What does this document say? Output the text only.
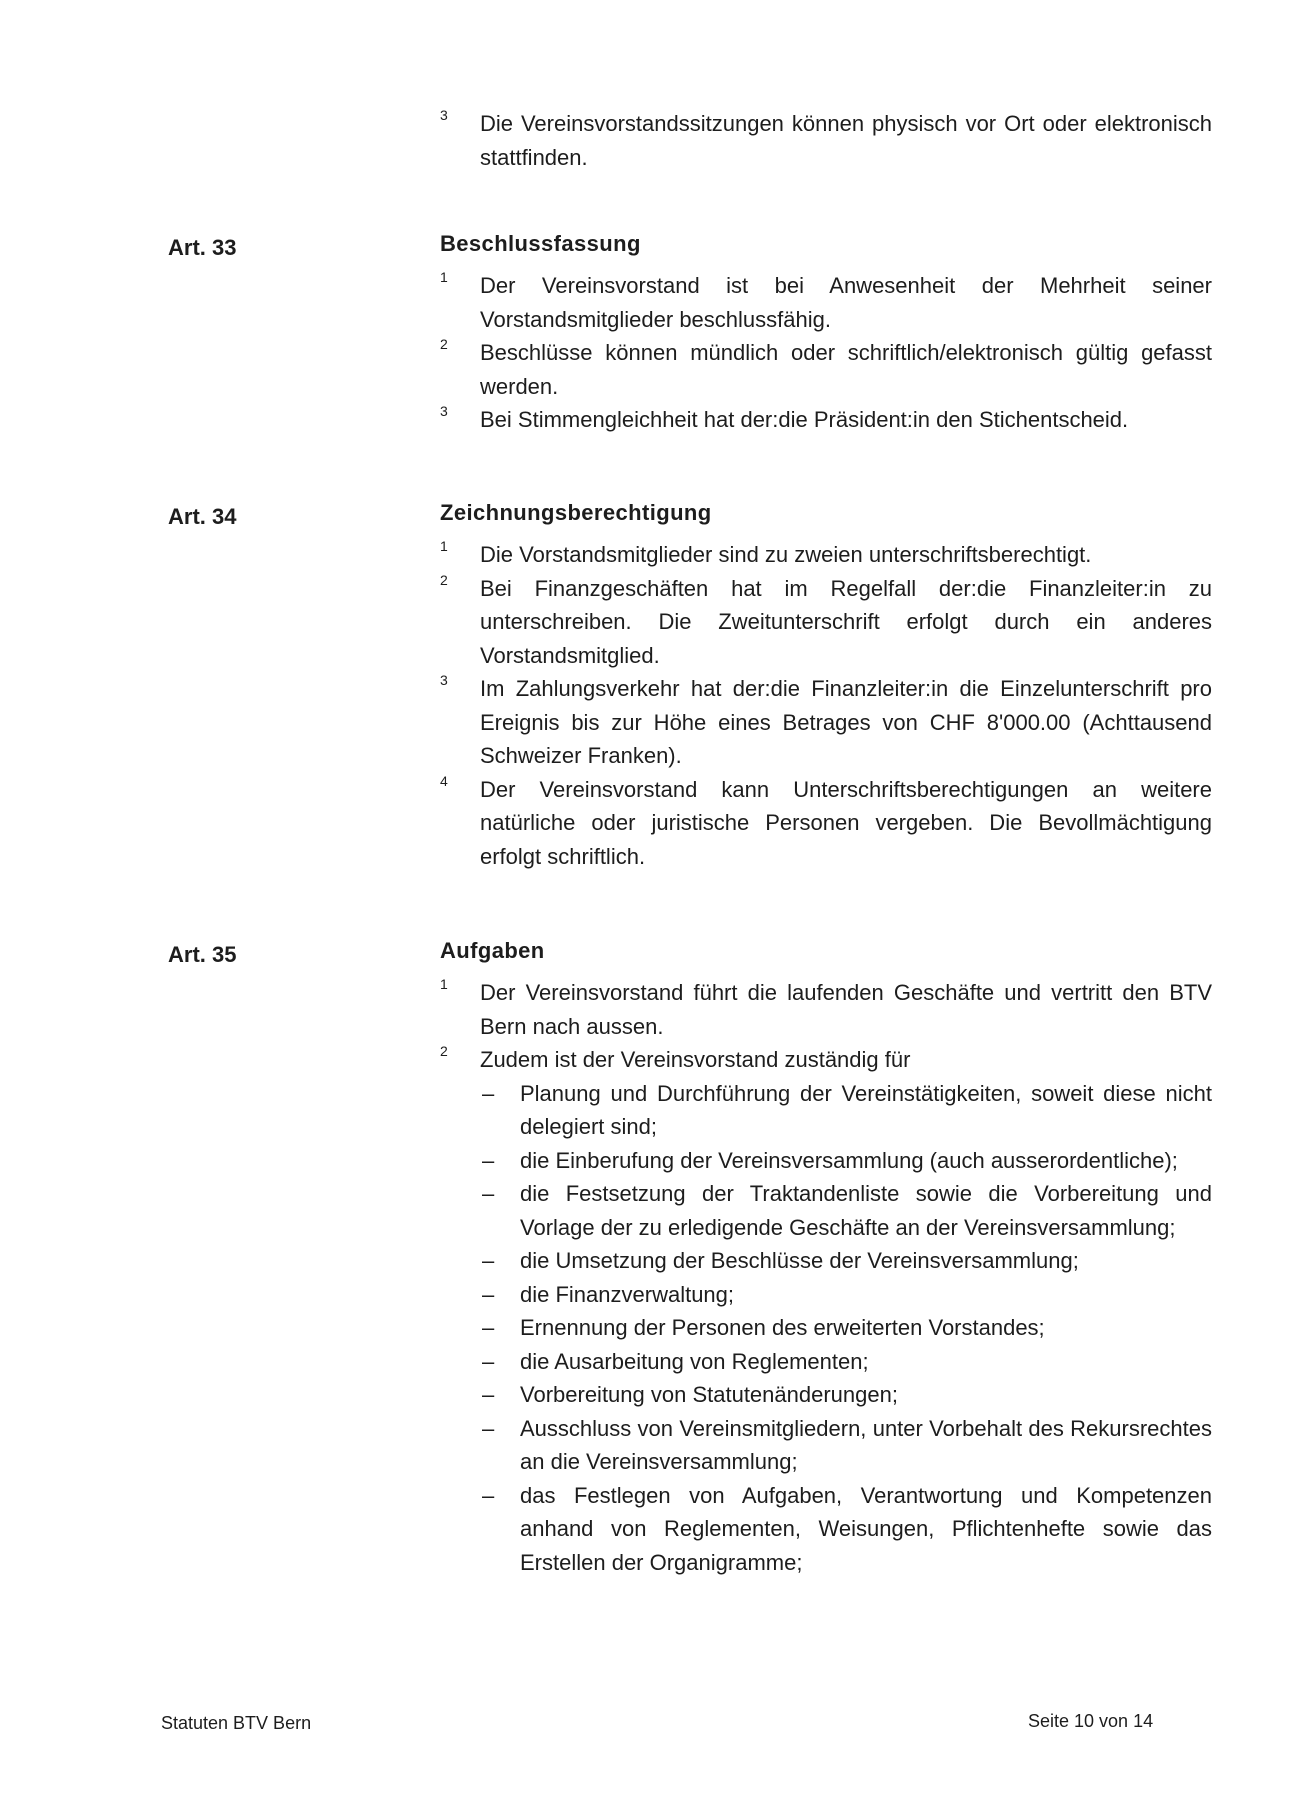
3 Die Vereinsvorstandssitzungen können physisch vor Ort oder elektronisch stattfinden.

Art. 33	Beschlussfassung
1 Der Vereinsvorstand ist bei Anwesenheit der Mehrheit seiner Vorstandsmitglieder beschlussfähig.

2 Beschlüsse können mündlich oder schriftlich/elektronisch gültig gefasst werden.

3 Bei Stimmengleichheit hat der:die Präsident:in den Stichentscheid.

Art. 34	Zeichnungsberechtigung
1 Die Vorstandsmitglieder sind zu zweien unterschriftsberechtigt.

2 Bei Finanzgeschäften hat im Regelfall der:die Finanzleiter:in zu unterschreiben. Die Zweitunterschrift erfolgt durch ein anderes Vorstandsmitglied.

3 Im Zahlungsverkehr hat der:die Finanzleiter:in die Einzelunterschrift pro Ereignis bis zur Höhe eines Betrages von CHF 8'000.00 (Achttausend Schweizer Franken).

4 Der Vereinsvorstand kann Unterschriftsberechtigungen an weitere natürliche oder juristische Personen vergeben. Die Bevollmächtigung erfolgt schriftlich.

Art. 35	Aufgaben
1 Der Vereinsvorstand führt die laufenden Geschäfte und vertritt den BTV Bern nach aussen.

2 Zudem ist der Vereinsvorstand zuständig für

– Planung und Durchführung der Vereinstätigkeiten, soweit diese nicht delegiert sind;

– die Einberufung der Vereinsversammlung (auch ausserordentliche);

– die Festsetzung der Traktandenliste sowie die Vorbereitung und Vorlage der zu erledigende Geschäfte an der Vereinsversammlung;

– die Umsetzung der Beschlüsse der Vereinsversammlung;

– die Finanzverwaltung;

– Ernennung der Personen des erweiterten Vorstandes;

– die Ausarbeitung von Reglementen;

– Vorbereitung von Statutenänderungen;

– Ausschluss von Vereinsmitgliedern, unter Vorbehalt des Rekursrechtes an die Vereinsversammlung;

– das Festlegen von Aufgaben, Verantwortung und Kompetenzen anhand von Reglementen, Weisungen, Pflichtenhefte sowie das Erstellen der Organigramme;

Statuten BTV Bern	Seite 10 von 14
